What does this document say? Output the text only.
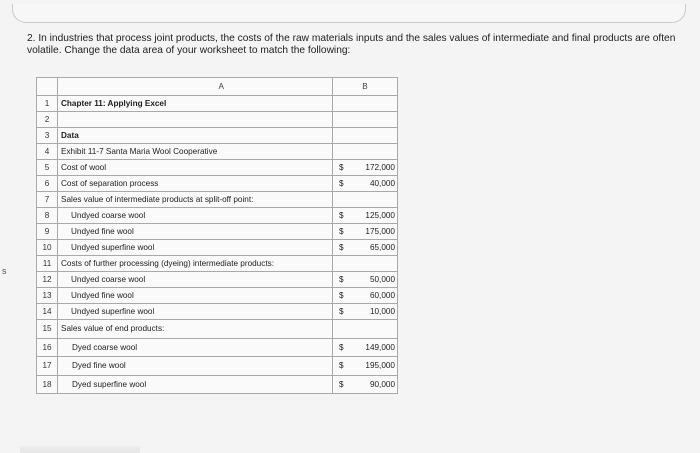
2. In industries that process joint products, the costs of the raw materials inputs and the sales values of intermediate and final products are often volatile. Change the data area of your worksheet to match the following:
s
	A	B
1	Chapter 11: Applying Excel	

2		

3	Data	

4	Exhibit 11-7 Santa Maria Wool Cooperative	

5	Cost of wool	$ 172,000

6	Cost of separation process	$ 40,000

7	Sales value of intermediate products at split-off point:	

8	Undyed coarse wool	$ 125,000

9	Undyed fine wool	$ 175,000

10	Undyed superfine wool	$ 65,000

11	Costs of further processing (dyeing) intermediate products:	

12	Undyed coarse wool	$ 50,000

13	Undyed fine wool	$ 60,000

14	Undyed superfine wool	$ 10,000

15	Sales value of end products:	

16	Dyed coarse wool	$ 149,000

17	Dyed fine wool	$ 195,000

18	Dyed superfine wool	$ 90,000
